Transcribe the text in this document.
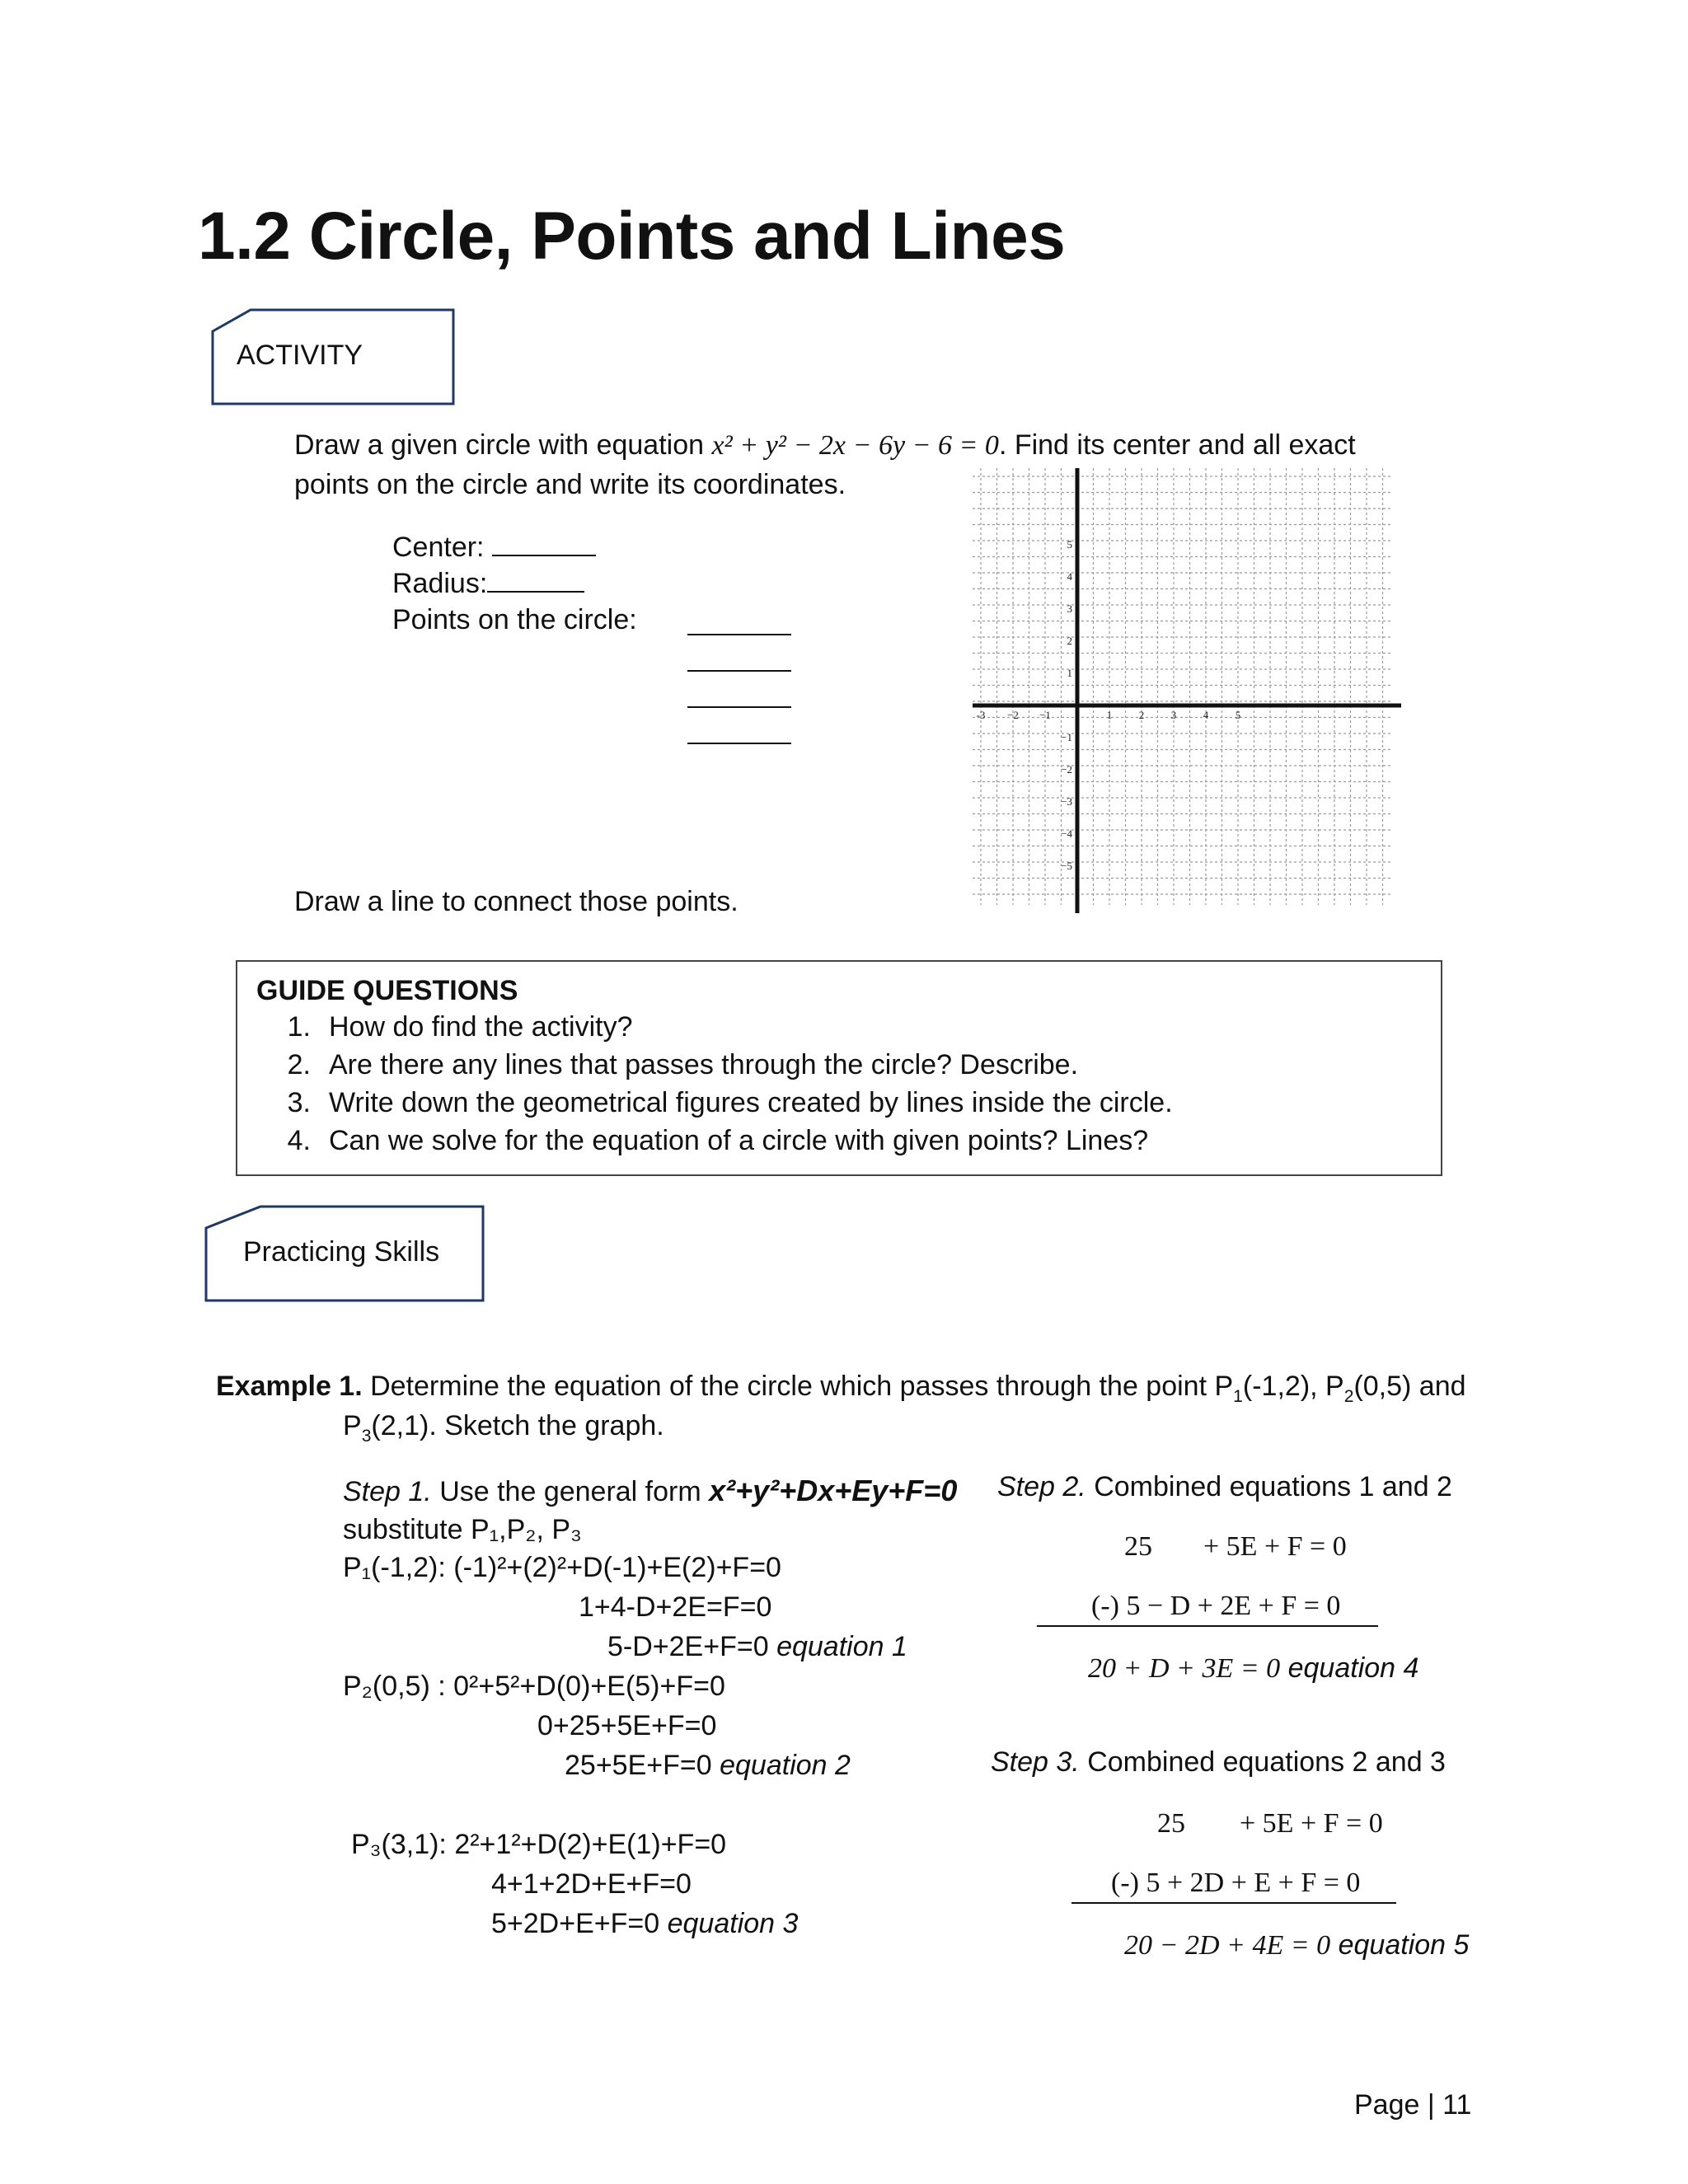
1.2 Circle, Points and Lines
ACTIVITY
Draw a given circle with equation x² + y² − 2x − 6y − 6 = 0. Find its center and all exact
points on the circle and write its coordinates.
Center:
Radius:
Points on the circle:
Draw a line to connect those points.
-3 −2 −1	1	2	3	4	5
5
4
3
2
1
−1
−2
−3
−4
−5
GUIDE QUESTIONS
1. How do find the activity?
2. Are there any lines that passes through the circle? Describe.
3. Write down the geometrical figures created by lines inside the circle.
4. Can we solve for the equation of a circle with given points? Lines?
Practicing Skills
Example 1. Determine the equation of the circle which passes through the point $P_1(-1,2)$, $P_2(0,5)$ and
$P_3(2,1)$. Sketch the graph.
Step 1. Use the general form x²+y²+Dx+Ey+F=0
substitute P₁,P₂, P₃
P₁(-1,2): (-1)²+(2)²+D(-1)+E(2)+F=0
1+4-D+2E=F=0
5-D+2E+F=0 equation 1
P₂(0,5) : 0²+5²+D(0)+E(5)+F=0
0+25+5E+F=0
25+5E+F=0 equation 2
P₃(3,1): 2²+1²+D(2)+E(1)+F=0
4+1+2D+E+F=0
5+2D+E+F=0 equation 3
Step 2. Combined equations 1 and 2
25 + 5E + F = 0
(-) 5 − D + 2E + F = 0
20 + D + 3E = 0 equation 4
Step 3. Combined equations 2 and 3
25 + 5E + F = 0
(-) 5 + 2D + E + F = 0
20 − 2D + 4E = 0 equation 5
Page | 11
